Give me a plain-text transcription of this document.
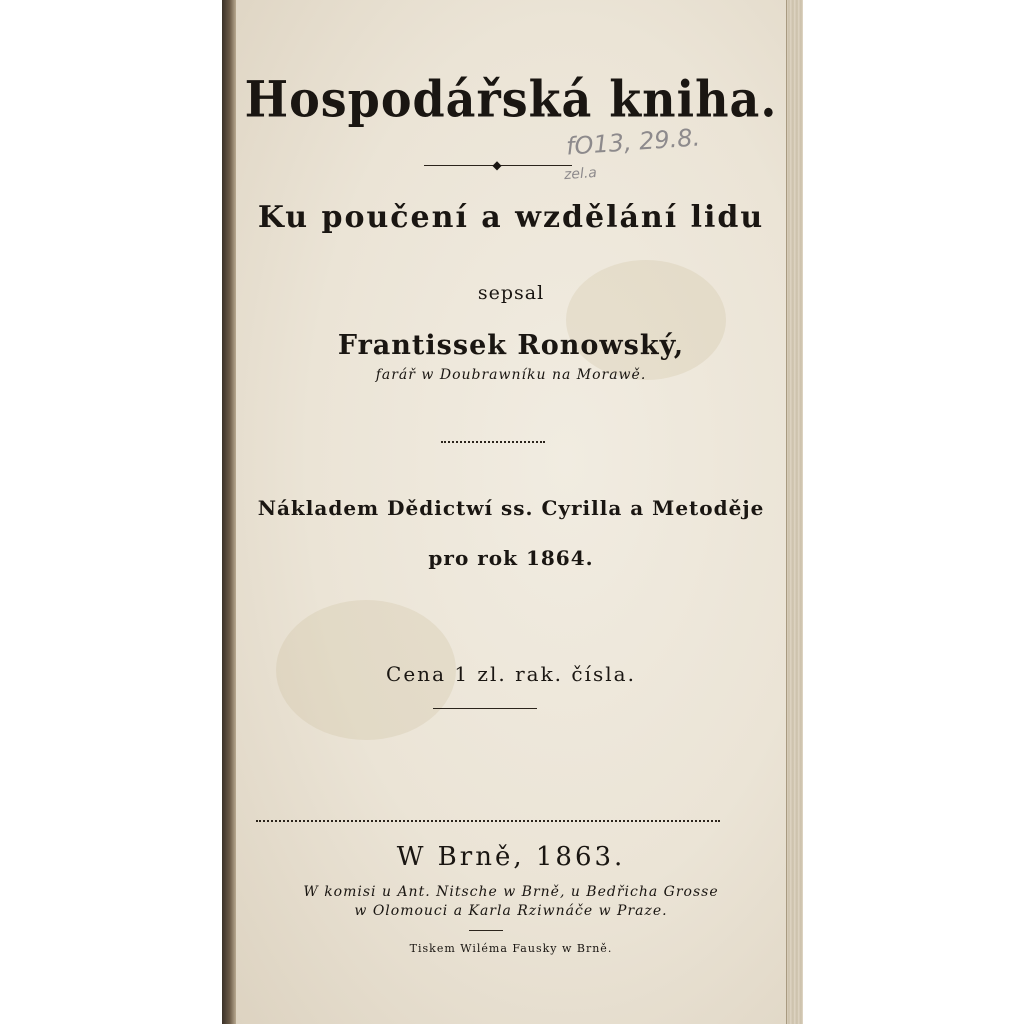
Hospodářská kniha.
◆
fO13, 29.8.
zel.a
Ku poučení a wzdělání lidu
sepsal
Frantissek Ronowský,
farář w Doubrawníku na Morawě.
Nákladem Dědictwí ss. Cyrilla a Metoděje
pro rok 1864.
Cena 1 zl. rak. čísla.
W Brně, 1863.
W komisi u Ant. Nitsche w Brně, u Bedřicha Grosse
w Olomouci a Karla Rziwnáče w Praze.
Tiskem Wiléma Fausky w Brně.
